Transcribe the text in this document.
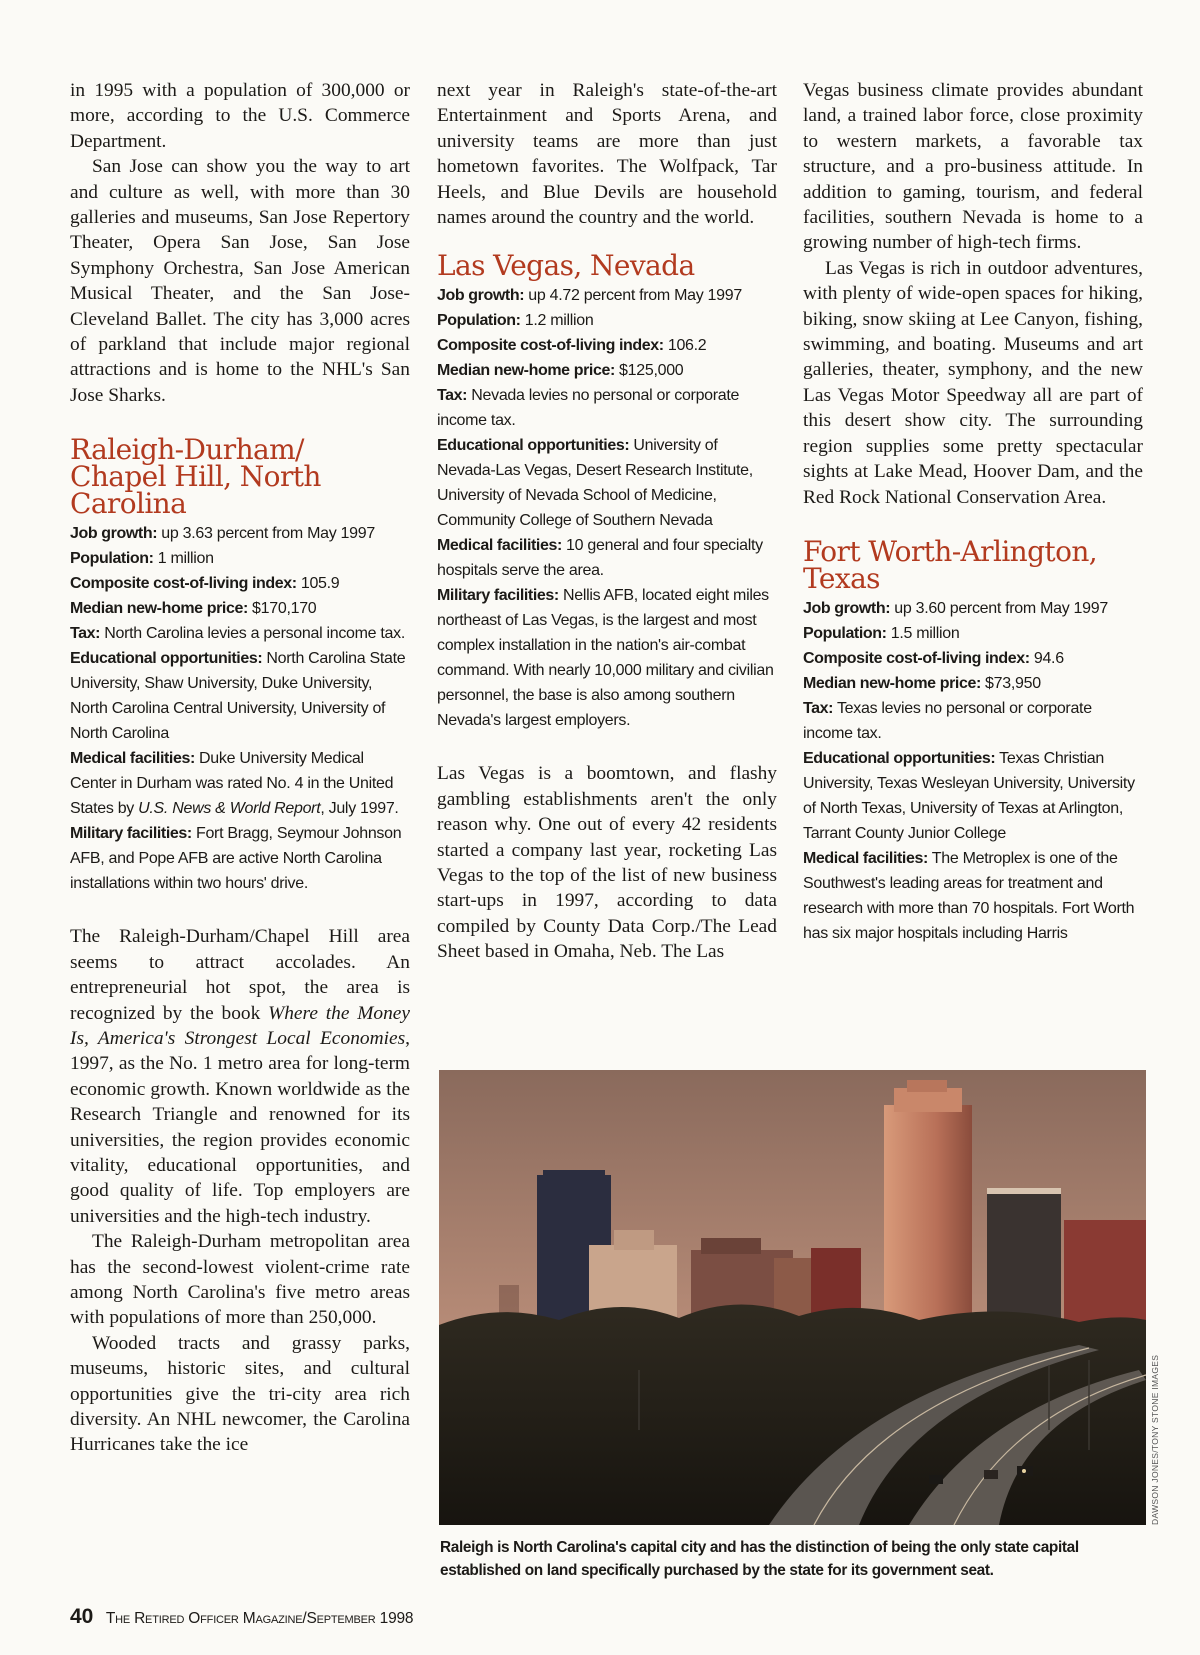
in 1995 with a population of 300,000 or more, according to the U.S. Commerce Department.

San Jose can show you the way to art and culture as well, with more than 30 galleries and museums, San Jose Repertory Theater, Opera San Jose, San Jose Symphony Orchestra, San Jose American Musical Theater, and the San Jose-Cleveland Ballet. The city has 3,000 acres of parkland that include major regional attractions and is home to the NHL's San Jose Sharks.

Raleigh-Durham/
Chapel Hill, North Carolina

Job growth: up 3.63 percent from May 1997

Population: 1 million

Composite cost-of-living index: 105.9

Median new-home price: $170,170

Tax: North Carolina levies a personal income tax.

Educational opportunities: North Carolina State University, Shaw University, Duke University, North Carolina Central University, University of North Carolina

Medical facilities: Duke University Medical Center in Durham was rated No. 4 in the United States by U.S. News & World Report, July 1997.

Military facilities: Fort Bragg, Seymour Johnson AFB, and Pope AFB are active North Carolina installations within two hours' drive.

The Raleigh-Durham/Chapel Hill area seems to attract accolades. An entrepreneurial hot spot, the area is recognized by the book Where the Money Is, America's Strongest Local Economies, 1997, as the No. 1 metro area for long-term economic growth. Known worldwide as the Research Triangle and renowned for its universities, the region provides economic vitality, educational opportunities, and good quality of life. Top employers are universities and the high-tech industry.

The Raleigh-Durham metropolitan area has the second-lowest violent-crime rate among North Carolina's five metro areas with populations of more than 250,000.

Wooded tracts and grassy parks, museums, historic sites, and cultural opportunities give the tri-city area rich diversity. An NHL newcomer, the Carolina Hurricanes take the ice

next year in Raleigh's state-of-the-art Entertainment and Sports Arena, and university teams are more than just hometown favorites. The Wolfpack, Tar Heels, and Blue Devils are household names around the country and the world.

Las Vegas, Nevada

Job growth: up 4.72 percent from May 1997

Population: 1.2 million

Composite cost-of-living index: 106.2

Median new-home price: $125,000

Tax: Nevada levies no personal or corporate income tax.

Educational opportunities: University of Nevada-Las Vegas, Desert Research Institute, University of Nevada School of Medicine, Community College of Southern Nevada

Medical facilities: 10 general and four specialty hospitals serve the area.

Military facilities: Nellis AFB, located eight miles northeast of Las Vegas, is the largest and most complex installation in the nation's air-combat command. With nearly 10,000 military and civilian personnel, the base is also among southern Nevada's largest employers.

Las Vegas is a boomtown, and flashy gambling establishments aren't the only reason why. One out of every 42 residents started a company last year, rocketing Las Vegas to the top of the list of new business start-ups in 1997, according to data compiled by County Data Corp./The Lead Sheet based in Omaha, Neb. The Las

Vegas business climate provides abundant land, a trained labor force, close proximity to western markets, a favorable tax structure, and a pro-business attitude. In addition to gaming, tourism, and federal facilities, southern Nevada is home to a growing number of high-tech firms.

Las Vegas is rich in outdoor adventures, with plenty of wide-open spaces for hiking, biking, snow skiing at Lee Canyon, fishing, swimming, and boating. Museums and art galleries, theater, symphony, and the new Las Vegas Motor Speedway all are part of this desert show city. The surrounding region supplies some pretty spectacular sights at Lake Mead, Hoover Dam, and the Red Rock National Conservation Area.

Fort Worth-Arlington,
Texas

Job growth: up 3.60 percent from May 1997

Population: 1.5 million

Composite cost-of-living index: 94.6

Median new-home price: $73,950

Tax: Texas levies no personal or corporate income tax.

Educational opportunities: Texas Christian University, Texas Wesleyan University, University of North Texas, University of Texas at Arlington, Tarrant County Junior College

Medical facilities: The Metroplex is one of the Southwest's leading areas for treatment and research with more than 70 hospitals. Fort Worth has six major hospitals including Harris

DAWSON JONES/TONY STONE IMAGES
Raleigh is North Carolina's capital city and has the distinction of being the only state capital established on land specifically purchased by the state for its government seat.
40 The Retired Officer Magazine/September 1998
